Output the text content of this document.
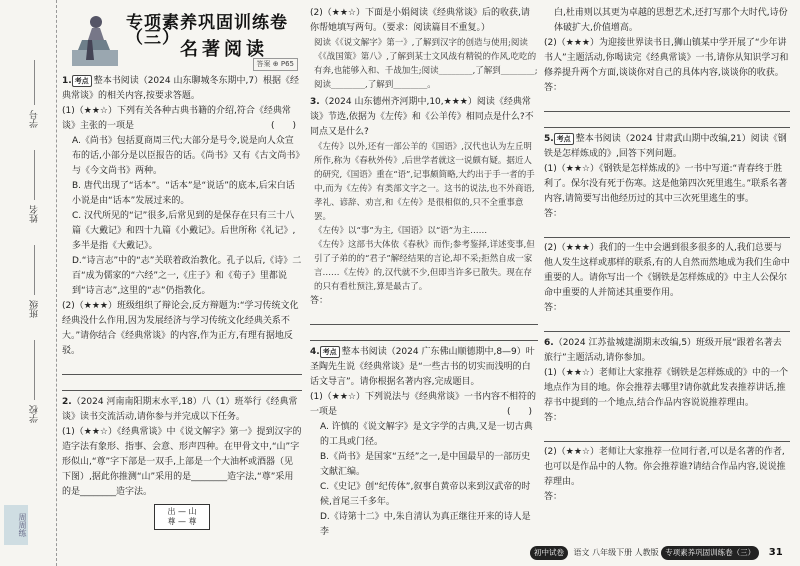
学号
姓名
班级
学校
周周练
专项素养巩固训练卷（三）
名著阅读
答案 ⊕ P65

1. 考点 整本书阅读（2024 山东聊城冬东期中,7）根据《经典常谈》的相关内容,按要求答题。

(1)（★★☆）下列有关各种古典书籍的介绍,符合《经典常谈》主张的一项是	(　　)

A.《尚书》包括夏商周三代;大部分是号令,说是向人众宣布的话,小部分是以臣报告的话。《尚书》又有《古文尚书》与《今文尚书》两种。

B. 唐代出现了“话本”。“话本”是“说话”的底本,后宋白话小说是由“话本”发展过来的。

C. 汉代所见的“记”很多,后常见到的是保存在只有三十八篇《大戴记》和四十九篇《小戴记》。后世所称《礼记》,多半是指《大戴记》。

D.“诗言志”中的“志”关联着政治教化。孔子以后,《诗》二百“成为儒家的“六经”之一,《庄子》和《荀子》里都说到“诗言志”,这里的“志”仍指教化。

(2)（★★★）班级组织了辩论会,反方辩题为:“学习传统文化经典没什么作用,因为发展经济与学习传统文化经典关系不大。”请你结合《经典常谈》的内容,作为正方,有理有据地反驳。

2.（2024 河南南阳期末水平,18）八（1）班举行《经典常谈》读书交流活动,请你参与并完成以下任务。

(1)（★★☆）《经典常谈》中《说文解字》第一》提到汉字的造字法有象形、指事、会意、形声四种。在甲骨文中,“山”字形似山,“尊”字下部是一双手,上部是一个大油杯或酒器（见下图）,据此你推测“山”采用的是________造字法,“尊”采用的是________造字法。

出 — 山
尊 — 尊

(2)（★★☆）下面是小娟阅读《经典常谈》后的收获,请你帮她填写两句。（要求：阅读篇目不重复。）

阅读《《说文解字》第一》,了解到汉字的创造与使用;阅读《《战国策》第八》,了解到某士文风战有精锐的作风,吃吃的有奔,也能够入和、千战加生;阅读________,了解到________;阅读________,了解到________。

3.（2024 山东德州齐河期中,10,★★★）阅读《经典常谈》节选,依据为《左传》和《公羊传》相同点是什么?不同点又是什么?

《左传》以外,还有一部公羊的《国语》,汉代也认为左丘明所作,称为《春秋外传》,后世学者就这一说颇有疑。据近人的研究,《国语》重在“语”,记事颇简略,大约出于手一者的手中,而为《左传》有类部文字之一。这书的说法,也不外商语,孝礼、谚辞、劝言,和《左传》是很相似的,只不全重事意罢。

《左传》以“事”为主,《国语》以“语”为主……

《左传》这部书大体依《春秋》而作;参考鉴择,详述变事,但引了子弟的的“君子”解经结果的言论,却不采;拒然自成一家言……《左传》的,汉代就不少,但即当许多已散失。现在存的只有看杜预注,算是最古了。

答：

4. 考点 整本书阅读（2024 广东佛山顺德期中,8—9）叶圣陶先生说《经典常谈》是“一些古书的切实而浅明的白话文导言”。请你根据名著内容,完成题目。

(1)（★★☆）下列说法与《经典常谈》一书内容不相符的一项是	(　　)

A. 许慎的《说文解字》是文字学的古典,又是一切古典的工具或门径。

B.《尚书》是国家“五经”之一,是中国最早的一部历史文献汇编。

C.《史记》创“纪传体”,叙事自黄帝以来到汉武帝的时候,首尾三千多年。

D.《诗第十二》中,朱自清认为真正继往开来的诗人是李

白,杜甫则以其更为卓越的思想艺术,还打写那个大时代,诗份体破扩大,价值增高。

(2)（★★★）为迎接世界读书日,狮山镇某中学开展了“少年讲书人”主题活动,你喝读完《经典常谈》一书,请你从知识学习和修养提升两个方面,谈谈你对自己的具体内容,谈谈你的收获。

答：

5. 考点 整本书阅读（2024 甘肃武山期中改编,21）阅读《钢铁是怎样炼成的》,回答下列问题。

(1)（★★☆）《钢铁是怎样炼成的》一书中写道:“青春终于胜利了。保尔没有死于伤寒。这是他第四次死里逃生。”联系名著内容,请简要写出他经历过的其中三次死里逃生的事。

答：

(2)（★★★）我们的一生中会遇到很多很多的人,我们总要与他人发生这样或那样的联系,有的人自然而然地成为我们生命中重要的人。请你写出一个《钢铁是怎样炼成的》中主人公保尔命中重要的人并简述其重要作用。

答：

6.（2024 江苏盐城建湖期末改编,5）班级开展“跟着名著去旅行”主题活动,请你参加。

(1)（★★☆）老师让大家推荐《钢铁是怎样炼成的》中的一个地点作为目的地。你会推荐去哪里?请你就此发表推荐讲话,推荐书中提到的一个地点,结合作品内容说说推荐理由。

答：

(2)（★★☆）老师让大家推荐一位同行者,可以是名著的作者,也可以是作品中的人物。你会推荐谁?请结合作品内容,说说推荐理由。

答：

初中试卷 语文 八年级下册 人教版 专项素养巩固训练卷（三） 31
